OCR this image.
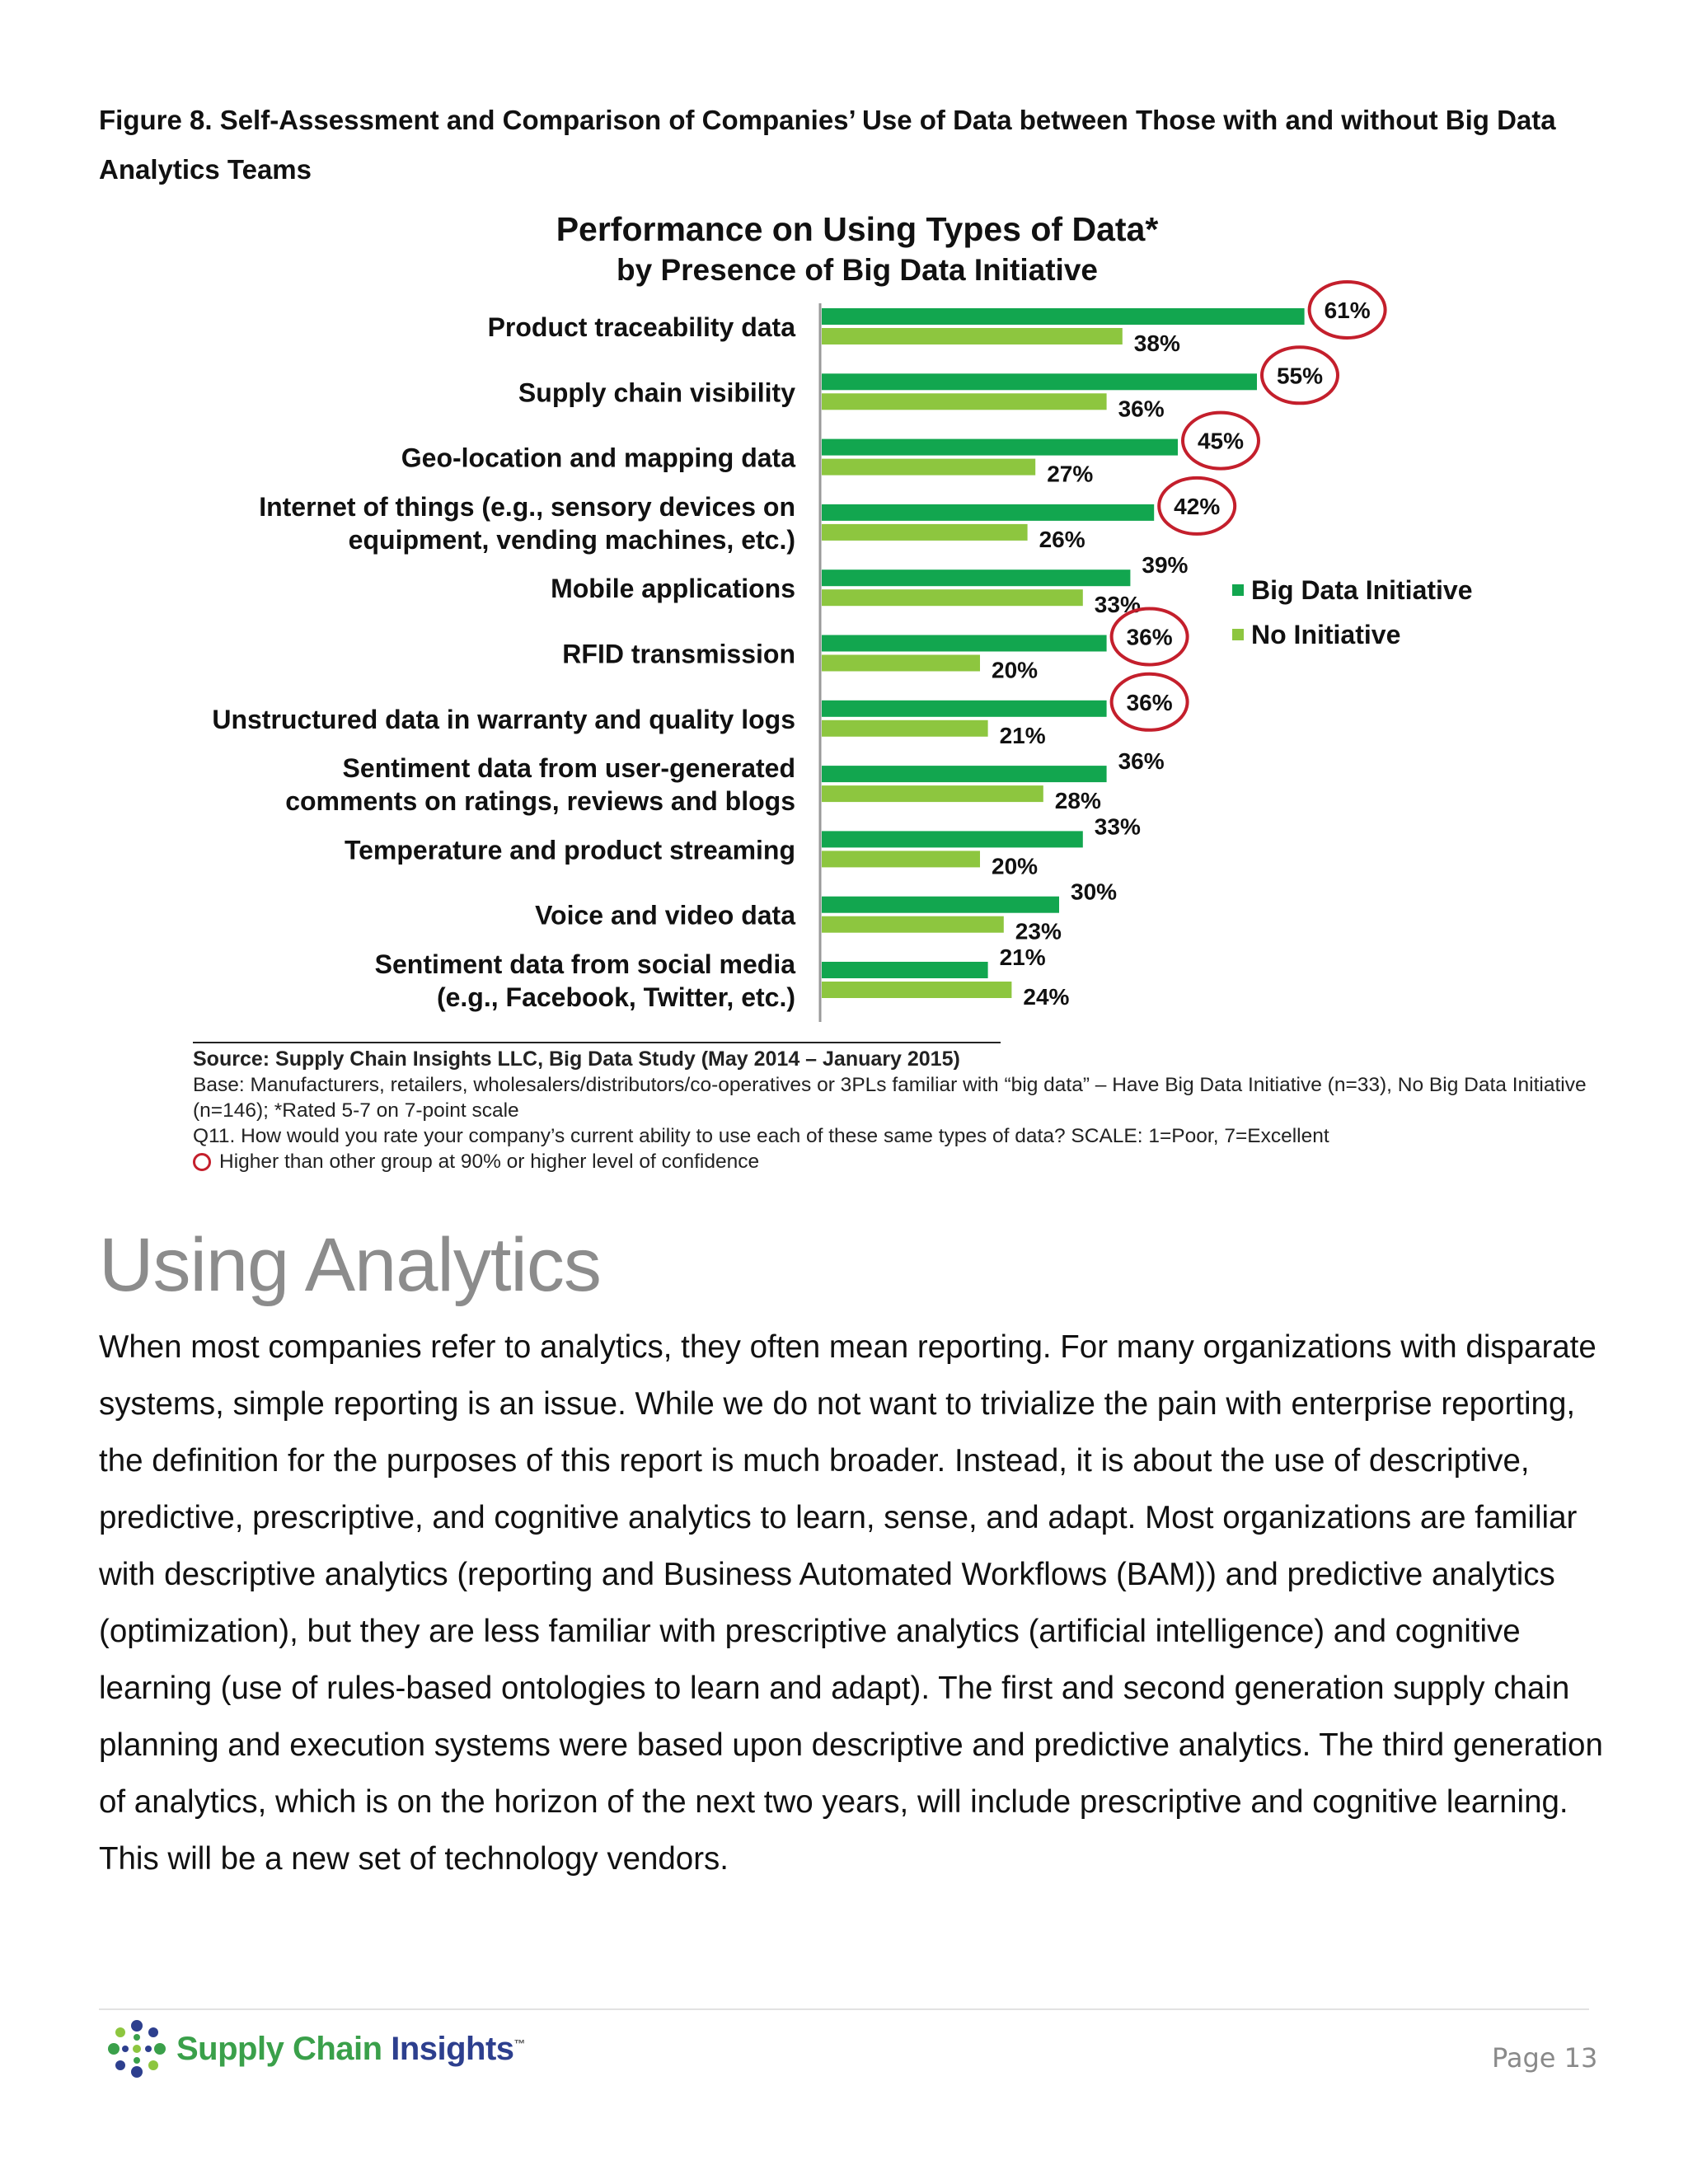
Figure 8. Self-Assessment and Comparison of Companies’ Use of Data between Those with and without Big Data
Analytics Teams
Performance on Using Types of Data*
by Presence of Big Data Initiative
Product traceability data
61%
38%
Supply chain visibility
55%
36%
Geo-location and mapping data
45%
27%
Internet of things (e.g., sensory devices on
equipment, vending machines, etc.)
42%
26%
Mobile applications
39%
33%
RFID transmission
36%
20%
Unstructured data in warranty and quality logs
36%
21%
Sentiment data from user-generated
comments on ratings, reviews and blogs
36%
28%
Temperature and product streaming
33%
20%
Voice and video data
30%
23%
Sentiment data from social media
(e.g., Facebook, Twitter, etc.)
21%
24%
Big Data Initiative
No Initiative
Source: Supply Chain Insights LLC, Big Data Study (May 2014 – January 2015)
Base: Manufacturers, retailers, wholesalers/distributors/co-operatives or 3PLs familiar with “big data” – Have Big Data Initiative (n=33), No Big Data Initiative (n=146); *Rated 5-7 on 7-point scale
Q11. How would you rate your company’s current ability to use each of these same types of data? SCALE: 1=Poor, 7=Excellent
Higher than other group at 90% or higher level of confidence
Using Analytics
When most companies refer to analytics, they often mean reporting. For many organizations with disparate systems, simple reporting is an issue. While we do not want to trivialize the pain with enterprise reporting, the definition for the purposes of this report is much broader. Instead, it is about the use of descriptive, predictive, prescriptive, and cognitive analytics to learn, sense, and adapt. Most organizations are familiar with descriptive analytics (reporting and Business Automated Workflows (BAM)) and predictive analytics (optimization), but they are less familiar with prescriptive analytics (artificial intelligence) and cognitive learning (use of rules-based ontologies to learn and adapt). The first and second generation supply chain planning and execution systems were based upon descriptive and predictive analytics. The third generation of analytics, which is on the horizon of the next two years, will include prescriptive and cognitive learning. This will be a new set of technology vendors.
Supply Chain Insights™	Page 13
